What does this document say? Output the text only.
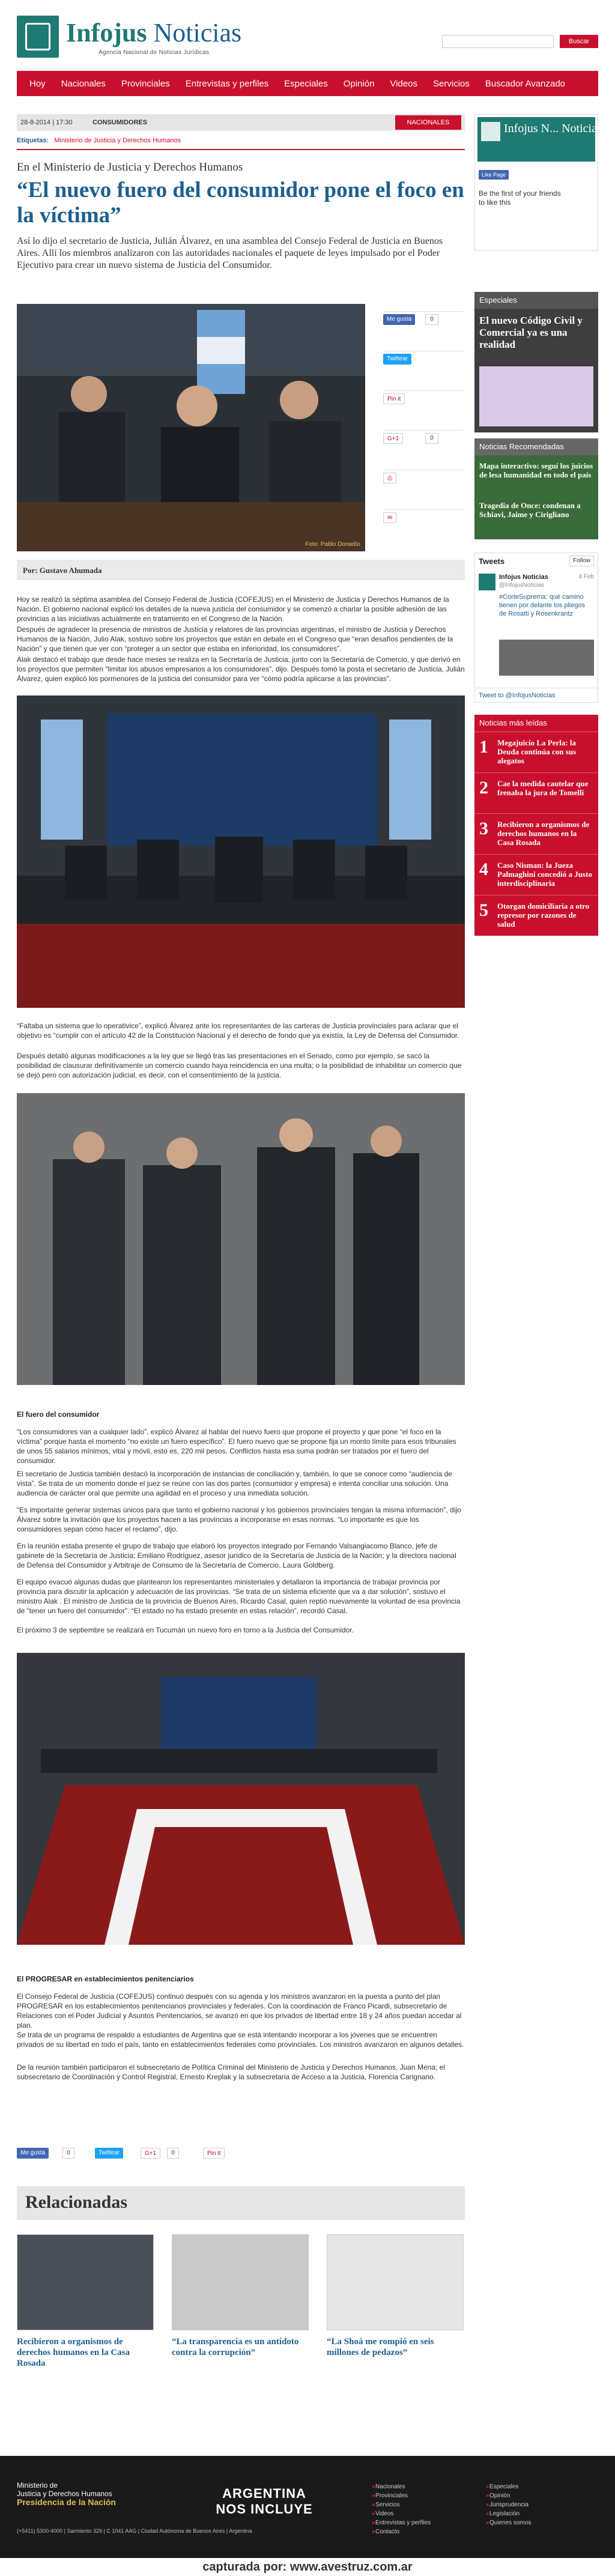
Infojus Noticias
Agencia Nacional de Noticias Jurídicas
Buscar
Hoy	Nacionales	Provinciales	Entrevistas y perfiles	Especiales	Opinión	Videos	Servicios	Buscador Avanzado
28-8-2014 | 17:30	CONSUMIDORES	NACIONALES
Etiquetas: Ministerio de Justicia y Derechos Humanos
En el Ministerio de Justicia y Derechos Humanos
“El nuevo fuero del consumidor pone el foco en la víctima”

Así lo dijo el secretario de Justicia, Julián Álvarez, en una asamblea del Consejo Federal de Justicia en Buenos Aires. Allí los miembros analizaron con las autoridades nacionales el paquete de leyes impulsado por el Poder Ejecutivo para crear un nuevo sistema de Justicia del Consumidor.

Foto: Pablo Donadío
Por: Gustavo Ahumada

Hoy se realizó la séptima asamblea del Consejo Federal de Justicia (COFEJUS) en el Ministerio de Justicia y Derechos Humanos de la Nación. El gobierno nacional explicó los detalles de la nueva justicia del consumidor y se comenzó a charlar la posible adhesión de las provincias a las iniciativas actualmente en tratamiento en el Congreso de la Nación.

Después de agradecer la presencia de ministros de Justicia y relatores de las provincias argentinas, el ministro de Justicia y Derechos Humanos de la Nación, Julio Alak, sostuvo sobre los proyectos que están en debate en el Congreso que “eran desafíos pendientes de la Nación” y que tienen que ver con “proteger a un sector que estaba en inferioridad, los consumidores”.

Alak destacó el trabajo que desde hace meses se realiza en la Secretaría de Justicia, junto con la Secretaría de Comercio, y que derivó en los proyectos que permiten “limitar los abusos empresarios a los consumidores”, dijo. Después tomó la posta el secretario de Justicia, Julián Álvarez, quien explicó los pormenores de la justicia del consumidor para ver “cómo podría aplicarse a las provincias”.

“Faltaba un sistema que lo operativice”, explicó Álvarez ante los representantes de las carteras de Justicia provinciales para aclarar que el objetivo es “cumplir con el artículo 42 de la Constitución Nacional y el derecho de fondo que ya existía, la Ley de Defensa del Consumidor.

Después detalló algunas modificaciones a la ley que se llegó tras las presentaciones en el Senado, como por ejemplo, se sacó la posibilidad de clausurar definitivamente un comercio cuando haya reincidencia en una multa; o la posibilidad de inhabilitar un comercio que se dejó pero con autorización judicial, es decir, con el consentimiento de la justicia.

El fuero del consumidor

“Los consumidores van a cualquier lado”, explicó Álvarez al hablar del nuevo fuero que propone el proyecto y que pone “el foco en la víctima” porque hasta el momento “no existe un fuero específico”. El fuero nuevo que se propone fija un monto límite para esos tribunales de unos 55 salarios mínimos, vital y móvil, esto es, 220 mil pesos. Conflictos hasta esa suma podrán ser tratados por el fuero del consumidor.

El secretario de Justicia también destacó la incorporación de instancias de conciliación y, también, lo que se conoce como “audiencia de vista”. Se trata de un momento donde el juez se reúne con las dos partes (consumidor y empresa) e intenta conciliar una solución. Una audiencia de carácter oral que permite una agilidad en el proceso y una inmediata solución.

“Es importante generar sistemas únicos para que tanto el gobierno nacional y los gobiernos provinciales tengan la misma información”, dijo Álvarez sobre la invitación que los proyectos hacen a las provincias a incorporarse en esas normas. “Lo importante es que los consumidores sepan cómo hacer el reclamo”, dijo.

En la reunión estaba presente el grupo de trabajo que elaboró los proyectos integrado por Fernando Valsangiacomo Blanco, jefe de gabinete de la Secretaría de Justicia; Emiliano Rodríguez, asesor jurídico de la Secretaría de Justicia de la Nación; y la directora nacional de Defensa del Consumidor y Arbitraje de Consumo de la Secretaría de Comercio, Laura Goldberg.

El equipo evacuó algunas dudas que plantearon los representantes ministeriales y detallaron la importancia de trabajar provincia por provincia para discutir la aplicación y adecuación de las provincias. “Se trata de un sistema eficiente que va a dar solución”, sostuvo el ministro Alak . El ministro de Justicia de la provincia de Buenos Aires, Ricardo Casal, quien reptió nuevamente la voluntad de esa provincia de “tener un fuero del consumidor”. “El estado no ha estado presente en estas relación”, recordó Casal.

El próximo 3 de septiembre se realizará en Tucumán un nuevo foro en torno a la Justicia del Consumidor.

El PROGRESAR en establecimientos penitenciarios

El Consejo Federal de Justicia (COFEJUS) continuó después con su agenda y los ministros avanzaron en la puesta a punto del plan PROGRESAR en los establecimientos penitenciarios provinciales y federales. Con la coordinación de Franco Picardi, subsecretario de Relaciones con el Poder Judicial y Asuntos Penitenciarios, se avanzó en que los privados de libertad entre 18 y 24 años puedan accedar al plan.

Se trata de un programa de respaldo a estudiantes de Argentina que se está intentando incorporar a los jóvenes que se encuentren privados de su libertad en todo el país, tanto en establecimientos federales como provinciales. Los ministros avanzaron en algunos detalles.

De la reunión también participaron el subsecretario de Política Criminal del Ministerio de Justicia y Derechos Humanos, Juan Mena; el subsecretario de Coordinación y Control Registral, Ernesto Kreplak y la subsecretaria de Acceso a la Justicia, Florencia Carignano.

Me gusta	0	Twittear	G+1	0	Pin it
Relacionadas
Recibieron a organismos de derechos humanos en la Casa Rosada
“La transparencia es un antídoto contra la corrupción”
“La Shoá me rompió en seis millones de pedazos”
Me gusta	0
Twittear
Pin it
G+1	0
⎙
✉
Infojus N... Noticias
Like Page
Be the first of your friends to like this
Especiales
El nuevo Código Civil y Comercial ya es una realidad
Noticias Recomendadas
Mapa interactivo: seguí los juicios de lesa humanidad en todo el país
Tragedia de Once: condenan a Schiavi, Jaime y Cirigliano
Tweets	Follow
Infojus Noticias	4 Feb
@InfojusNoticias
#CorteSuprema: qué camino tienen por delante los pliegos de Rosatti y Rosenkrantz
Tweet to @InfojusNoticias
Noticias más leídas
1 Megajuicio La Perla: la Deuda continúa con sus alegatos
2 Cae la medida cautelar que frenaba la jura de Tomelli
3 Recibieron a organismos de derechos humanos en la Casa Rosada
4 Caso Nisman: la Jueza Palmaghini concedió a Justo interdisciplinaria
5 Otorgan domiciliaria a otro represor por razones de salud
Ministerio de
Justicia y Derechos Humanos
Presidencia de la Nación
(+5411) 5300-4000 | Sarmiento 329 | C 1041 AAG | Ciudad Autónoma de Buenos Aires | Argentina
ARGENTINA
NOS INCLUYE
▸ Nacionales
▸ Provinciales
▸ Servicios
▸ Videos
▸ Entrevistas y perfiles
▸ Contacto
▸ Especiales
▸ Opinión
▸ Jurisprudencia
▸ Legislación
▸ Quienes somos
capturada por: www.avestruz.com.ar
